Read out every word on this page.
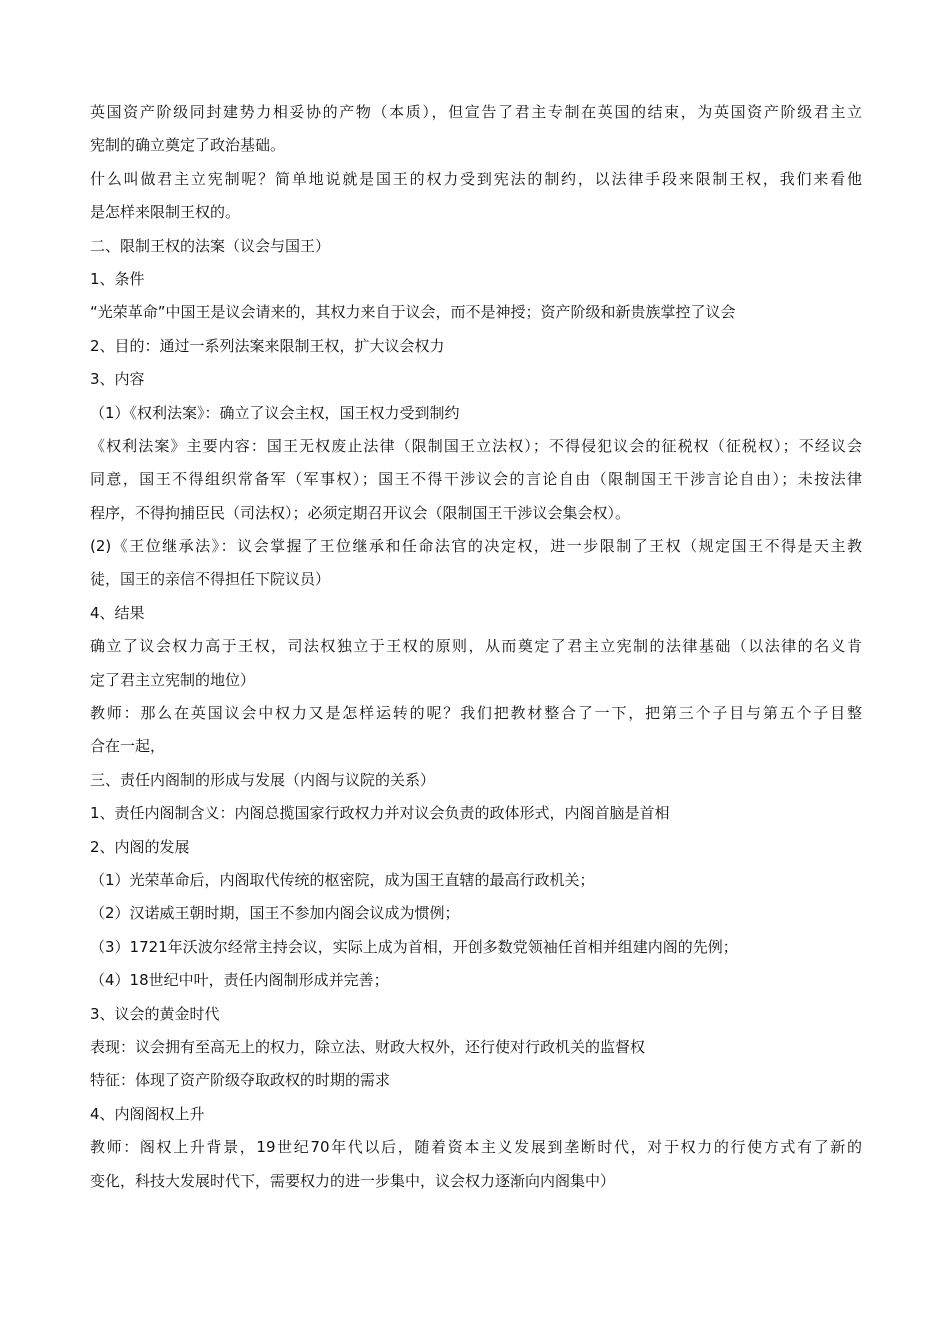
英国资产阶级同封建势力相妥协的产物（本质），但宣告了君主专制在英国的结束，为英国资产阶级君主立
宪制的确立奠定了政治基础。
什么叫做君主立宪制呢？简单地说就是国王的权力受到宪法的制约，以法律手段来限制王权，我们来看他
是怎样来限制王权的。
二、限制王权的法案（议会与国王）
1、条件
“光荣革命”中国王是议会请来的，其权力来自于议会，而不是神授；资产阶级和新贵族掌控了议会
2、目的：通过一系列法案来限制王权，扩大议会权力
3、内容
（1）《权利法案》：确立了议会主权，国王权力受到制约
《权利法案》主要内容：国王无权废止法律（限制国王立法权）；不得侵犯议会的征税权（征税权）；不经议会
同意，国王不得组织常备军（军事权）；国王不得干涉议会的言论自由（限制国王干涉言论自由）；未按法律
程序，不得拘捕臣民（司法权）；必须定期召开议会（限制国王干涉议会集会权）。
(2)《王位继承法》：议会掌握了王位继承和任命法官的决定权，进一步限制了王权（规定国王不得是天主教
徒，国王的亲信不得担任下院议员）
4、结果
确立了议会权力高于王权，司法权独立于王权的原则，从而奠定了君主立宪制的法律基础（以法律的名义肯
定了君主立宪制的地位）
教师：那么在英国议会中权力又是怎样运转的呢？我们把教材整合了一下，把第三个子目与第五个子目整
合在一起，
三、责任内阁制的形成与发展（内阁与议院的关系）
1、责任内阁制含义：内阁总揽国家行政权力并对议会负责的政体形式，内阁首脑是首相
2、内阁的发展
（1）光荣革命后，内阁取代传统的枢密院，成为国王直辖的最高行政机关；
（2）汉诺威王朝时期，国王不参加内阁会议成为惯例；
（3）1721年沃波尔经常主持会议，实际上成为首相，开创多数党领袖任首相并组建内阁的先例；
（4）18世纪中叶，责任内阁制形成并完善；
3、议会的黄金时代
表现：议会拥有至高无上的权力，除立法、财政大权外，还行使对行政机关的监督权
特征：体现了资产阶级夺取政权的时期的需求
4、内阁阁权上升
教师：阁权上升背景，19世纪70年代以后，随着资本主义发展到垄断时代，对于权力的行使方式有了新的
变化，科技大发展时代下，需要权力的进一步集中，议会权力逐渐向内阁集中）
